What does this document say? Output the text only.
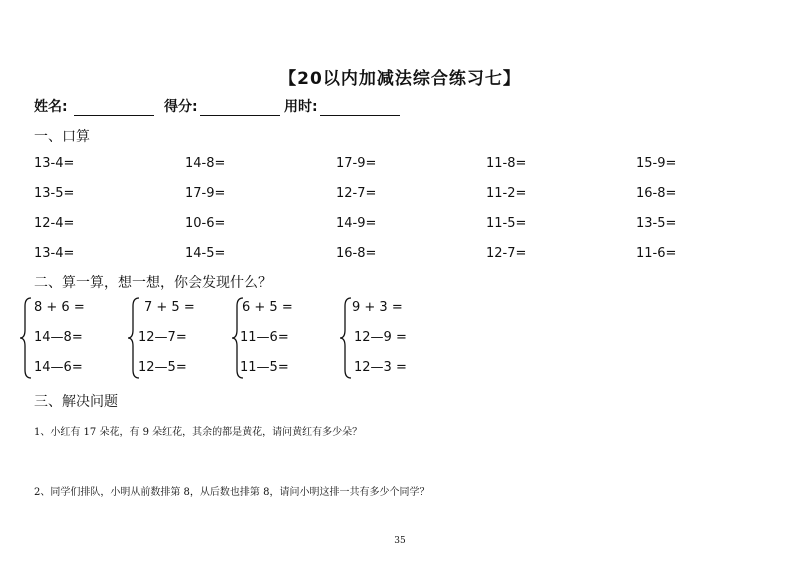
【20以内加减法综合练习七】
姓名:	得分:	用时:
一、口算
13-4=	14-8=	17-9=	11-8=	15-9=
13-5=	17-9=	12-7=	11-2=	16-8=
12-4=	10-6=	14-9=	11-5=	13-5=
13-4=	14-5=	16-8=	12-7=	11-6=
二、算一算，想一想，你会发现什么？
8 + 6 =
14—8=
14—6=
7 + 5 =
12—7=
12—5=
6 + 5 =
11—6=
11—5=
9 + 3 =
12—9 =
12—3 =
三、解决问题
1、小红有 17 朵花，有 9 朵红花，其余的都是黄花，请问黄红有多少朵？
2、同学们排队，小明从前数排第 8，从后数也排第 8，请问小明这排一共有多少个同学？
35
